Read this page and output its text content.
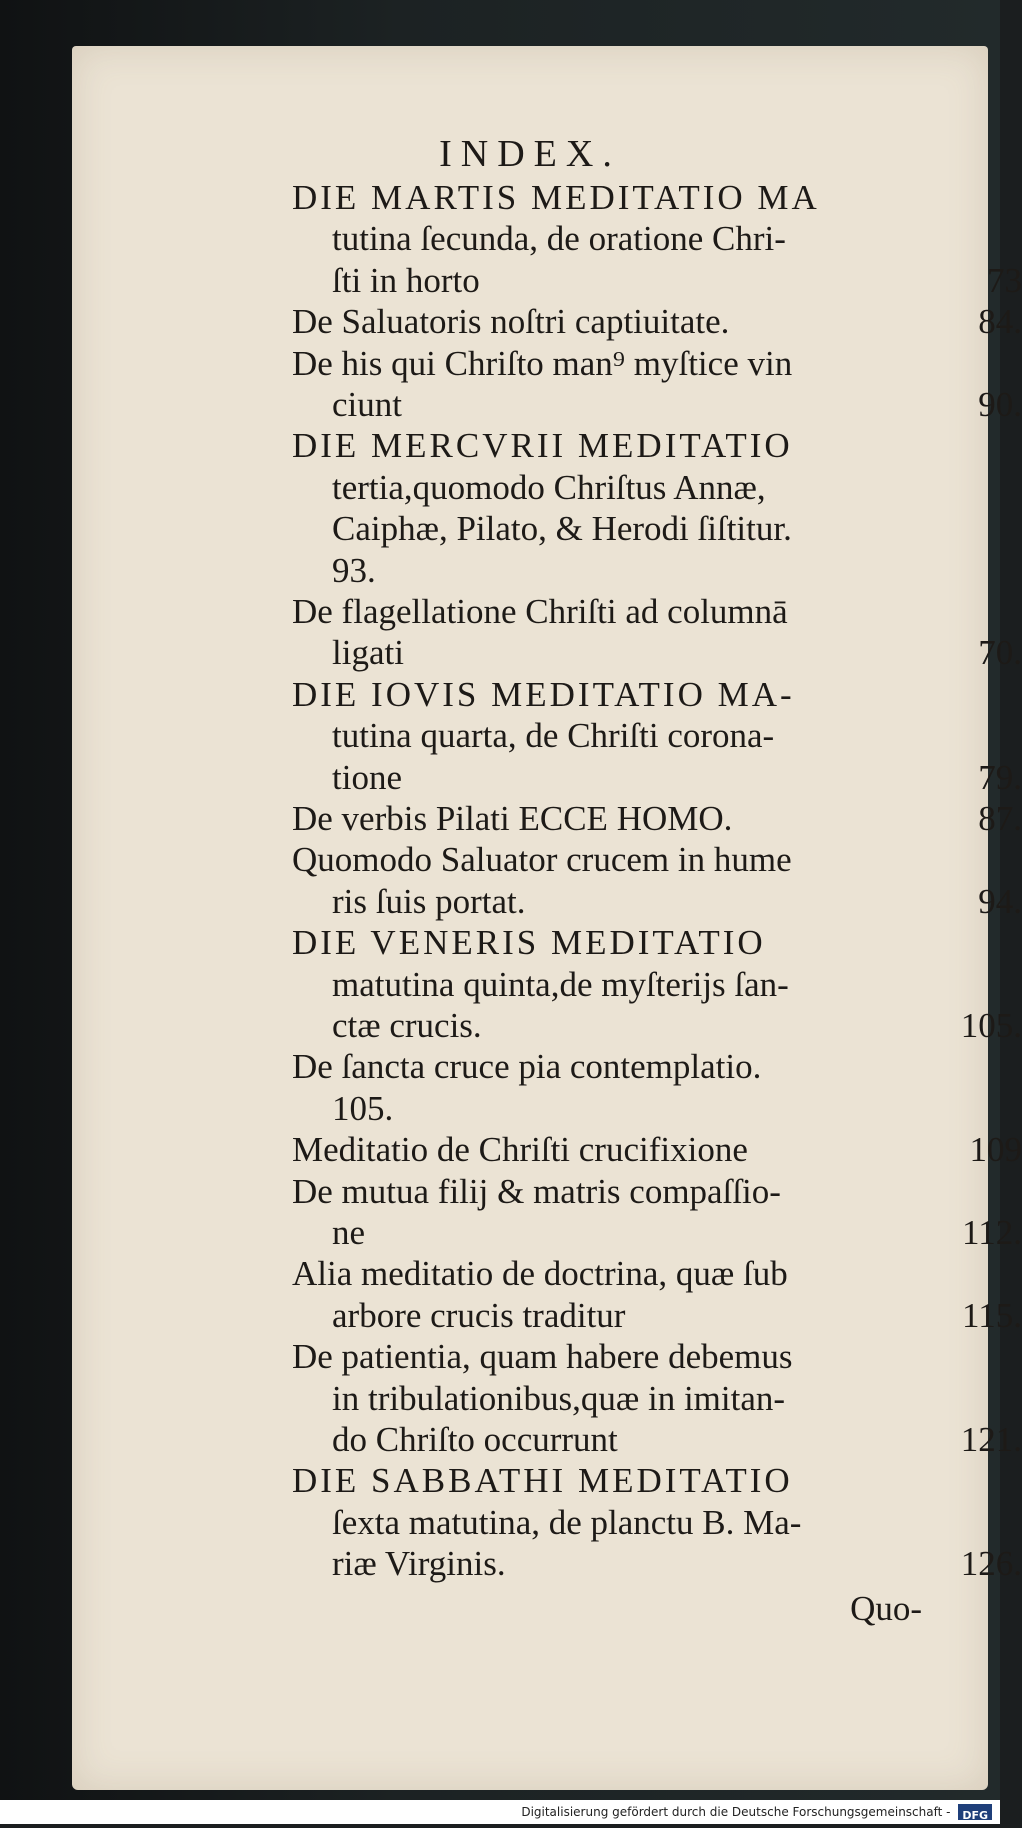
INDEX.
DIE MARTIS MEDITATIO MA
tutina ſecunda, de oratione Chri-
ſti in horto	73
De Saluatoris noſtri captiuitate.	84.
De his qui Chriſto man⁹ myſtice vin
ciunt	90.
DIE MERCVRII MEDITATIO
tertia,quomodo Chriſtus Annæ,
Caiphæ, Pilato, & Herodi ſiſtitur.
93.
De flagellatione Chriſti ad columnā
ligati	70.
DIE IOVIS MEDITATIO MA-
tutina quarta, de Chriſti corona-
tione	79.
De verbis Pilati ECCE HOMO.	87.
Quomodo Saluator crucem in hume
ris ſuis portat.	94.
DIE VENERIS MEDITATIO
matutina quinta,de myſterijs ſan-
ctæ crucis.	105.
De ſancta cruce pia contemplatio.
105.
Meditatio de Chriſti crucifixione	109
De mutua filij & matris compaſſio-
ne	112.
Alia meditatio de doctrina, quæ ſub
arbore crucis traditur	115.
De patientia, quam habere debemus
in tribulationibus,quæ in imitan-
do Chriſto occurrunt	121.
DIE SABBATHI MEDITATIO
ſexta matutina, de planctu B. Ma-
riæ Virginis.	126.
Quo-
Digitalisierung gefördert durch die Deutsche Forschungsgemeinschaft - DFG
